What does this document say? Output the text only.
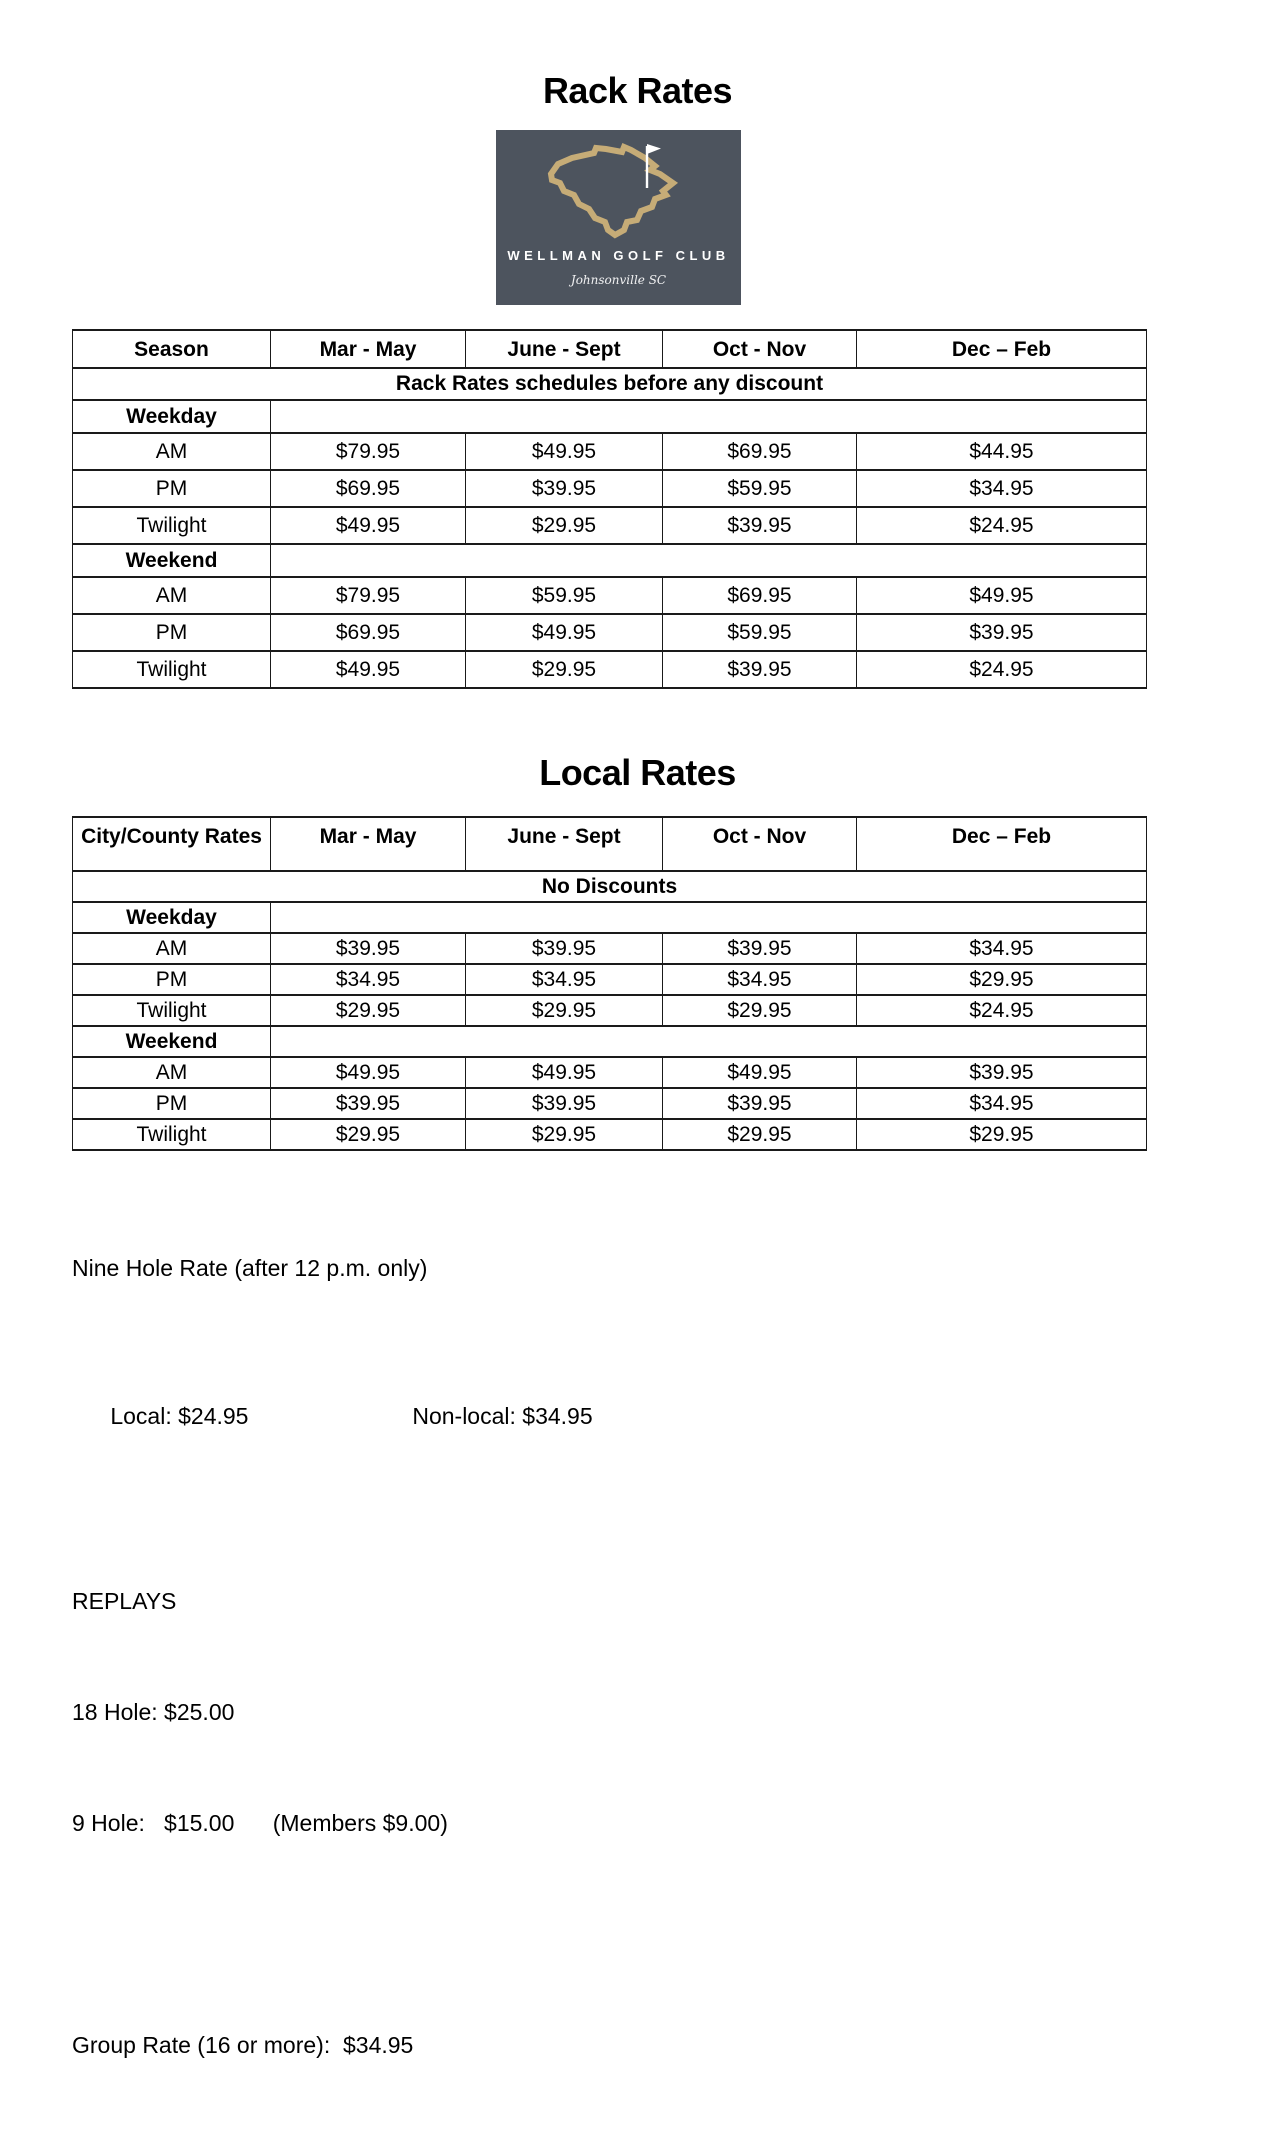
Rack Rates
WELLMAN GOLF CLUB
Johnsonville SC
Season	Mar - May	June - Sept	Oct - Nov	Dec – Feb
Rack Rates schedules before any discount				
Weekday				
AM	$79.95	$49.95	$69.95	$44.95
PM	$69.95	$39.95	$59.95	$34.95
Twilight	$49.95	$29.95	$39.95	$24.95
Weekend				
AM	$79.95	$59.95	$69.95	$49.95
PM	$69.95	$49.95	$59.95	$39.95
Twilight	$49.95	$29.95	$39.95	$24.95
Local Rates
City/County Rates	Mar - May	June - Sept	Oct - Nov	Dec – Feb
No Discounts				
Weekday				
AM	$39.95	$39.95	$39.95	$34.95
PM	$34.95	$34.95	$34.95	$29.95
Twilight	$29.95	$29.95	$29.95	$24.95
Weekend				
AM	$49.95	$49.95	$49.95	$39.95
PM	$39.95	$39.95	$39.95	$34.95
Twilight	$29.95	$29.95	$29.95	$29.95

Nine Hole Rate (after 12 p.m. only)

Local: $24.95	Non-local: $34.95

REPLAYS

18 Hole: $25.00

9 Hole:   $15.00      (Members $9.00)

Group Rate (16 or more):  $34.95
